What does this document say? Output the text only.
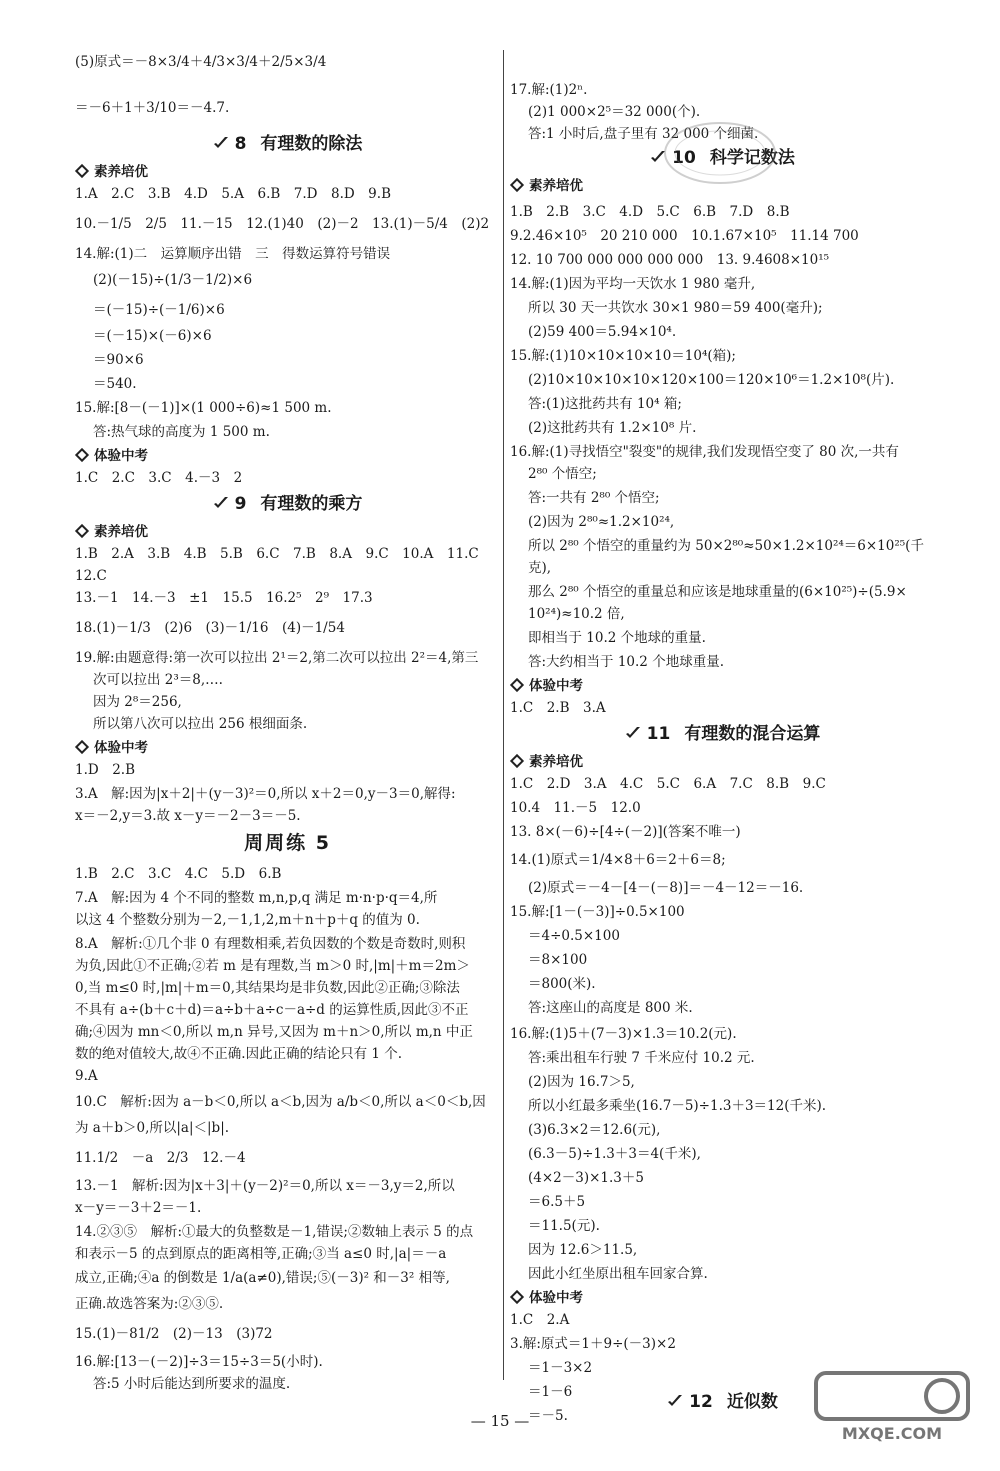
(5)原式＝－8×3/4＋4/3×3/4＋2/5×3/4
＝－6＋1＋3/10＝－4.7.
8 有理数的除法
素养培优
1.A　2.C　3.B　4.D　5.A　6.B　7.D　8.D　9.B
10.－1/5　2/5　11.－15　12.(1)40　(2)－2　13.(1)－5/4　(2)2
14.解:(1)二　运算顺序出错　三　得数运算符号错误
(2)(－15)÷(1/3－1/2)×6
＝(－15)÷(－1/6)×6
＝(－15)×(－6)×6
＝90×6
＝540.
15.解:[8－(－1)]×(1 000÷6)≈1 500 m.
答:热气球的高度为 1 500 m.
体验中考
1.C　2.C　3.C　4.－3　2
9 有理数的乘方
素养培优
1.B　2.A　3.B　4.B　5.B　6.C　7.B　8.A　9.C　10.A　11.C
12.C
13.－1　14.－3　±1　15.5　16.2⁵　2⁹　17.3
18.(1)－1/3　(2)6　(3)－1/16　(4)－1/54
19.解:由题意得:第一次可以拉出 2¹＝2,第二次可以拉出 2²＝4,第三
次可以拉出 2³＝8,….
因为 2⁸＝256,
所以第八次可以拉出 256 根细面条.
体验中考
1.D　2.B
3.A　解:因为|x＋2|＋(y－3)²＝0,所以 x＋2＝0,y－3＝0,解得:
x＝－2,y＝3.故 x－y＝－2－3＝－5.
周周练 5
1.B　2.C　3.C　4.C　5.D　6.B
7.A　解:因为 4 个不同的整数 m,n,p,q 满足 m·n·p·q＝4,所
以这 4 个整数分别为－2,－1,1,2,m＋n＋p＋q 的值为 0.
8.A　解析:①几个非 0 有理数相乘,若负因数的个数是奇数时,则积
为负,因此①不正确;②若 m 是有理数,当 m＞0 时,|m|＋m＝2m＞
0,当 m≤0 时,|m|＋m＝0,其结果均是非负数,因此②正确;③除法
不具有 a÷(b＋c＋d)＝a÷b＋a÷c－a÷d 的运算性质,因此③不正
确;④因为 mn＜0,所以 m,n 异号,又因为 m＋n＞0,所以 m,n 中正
数的绝对值较大,故④不正确.因此正确的结论只有 1 个.
9.A
10.C　解析:因为 a－b＜0,所以 a＜b,因为 a/b＜0,所以 a＜0＜b,因
为 a＋b＞0,所以|a|＜|b|.
11.1/2　－a　2/3　12.－4
13.－1　解析:因为|x＋3|＋(y－2)²＝0,所以 x＝－3,y＝2,所以
x－y＝－3＋2＝－1.
14.②③⑤　解析:①最大的负整数是－1,错误;②数轴上表示 5 的点
和表示－5 的点到原点的距离相等,正确;③当 a≤0 时,|a|＝－a
成立,正确;④a 的倒数是 1/a(a≠0),错误;⑤(－3)² 和－3² 相等,
正确.故选答案为:②③⑤.
15.(1)－81/2　(2)－13　(3)72
16.解:[13－(－2)]÷3＝15÷3＝5(小时).
答:5 小时后能达到所要求的温度.
17.解:(1)2ⁿ.
(2)1 000×2⁵＝32 000(个).
答:1 小时后,盘子里有 32 000 个细菌.
10 科学记数法
素养培优
1.B　2.B　3.C　4.D　5.C　6.B　7.D　8.B
9.2.46×10⁵　20 210 000　10.1.67×10⁵　11.14 700
12. 10 700 000 000 000 000　13. 9.4608×10¹⁵
14.解:(1)因为平均一天饮水 1 980 毫升,
所以 30 天一共饮水 30×1 980＝59 400(毫升);
(2)59 400＝5.94×10⁴.
15.解:(1)10×10×10×10＝10⁴(箱);
(2)10×10×10×10×120×100＝120×10⁶＝1.2×10⁸(片).
答:(1)这批药共有 10⁴ 箱;
(2)这批药共有 1.2×10⁸ 片.
16.解:(1)寻找悟空"裂变"的规律,我们发现悟空变了 80 次,一共有
2⁸⁰ 个悟空;
答:一共有 2⁸⁰ 个悟空;
(2)因为 2⁸⁰≈1.2×10²⁴,
所以 2⁸⁰ 个悟空的重量约为 50×2⁸⁰≈50×1.2×10²⁴＝6×10²⁵(千
克),
那么 2⁸⁰ 个悟空的重量总和应该是地球重量的(6×10²⁵)÷(5.9×
10²⁴)≈10.2 倍,
即相当于 10.2 个地球的重量.
答:大约相当于 10.2 个地球重量.
体验中考
1.C　2.B　3.A
11 有理数的混合运算
素养培优
1.C　2.D　3.A　4.C　5.C　6.A　7.C　8.B　9.C
10.4　11.－5　12.0
13. 8×(－6)÷[4÷(－2)](答案不唯一)
14.(1)原式＝1/4×8＋6＝2＋6＝8;
(2)原式＝－4－[4－(－8)]＝－4－12＝－16.
15.解:[1－(－3)]÷0.5×100
＝4÷0.5×100
＝8×100
＝800(米).
答:这座山的高度是 800 米.
16.解:(1)5＋(7－3)×1.3＝10.2(元).
答:乘出租车行驶 7 千米应付 10.2 元.
(2)因为 16.7＞5,
所以小红最多乘坐(16.7－5)÷1.3＋3＝12(千米).
(3)6.3×2＝12.6(元),
(6.3－5)÷1.3＋3＝4(千米),
(4×2－3)×1.3＋5
＝6.5＋5
＝11.5(元).
因为 12.6＞11.5,
因此小红坐原出租车回家合算.
体验中考
1.C　2.A
3.解:原式＝1＋9÷(－3)×2
＝1－3×2
＝1－6
＝－5.
12 近似数
— 15 —
MXQE.COM
